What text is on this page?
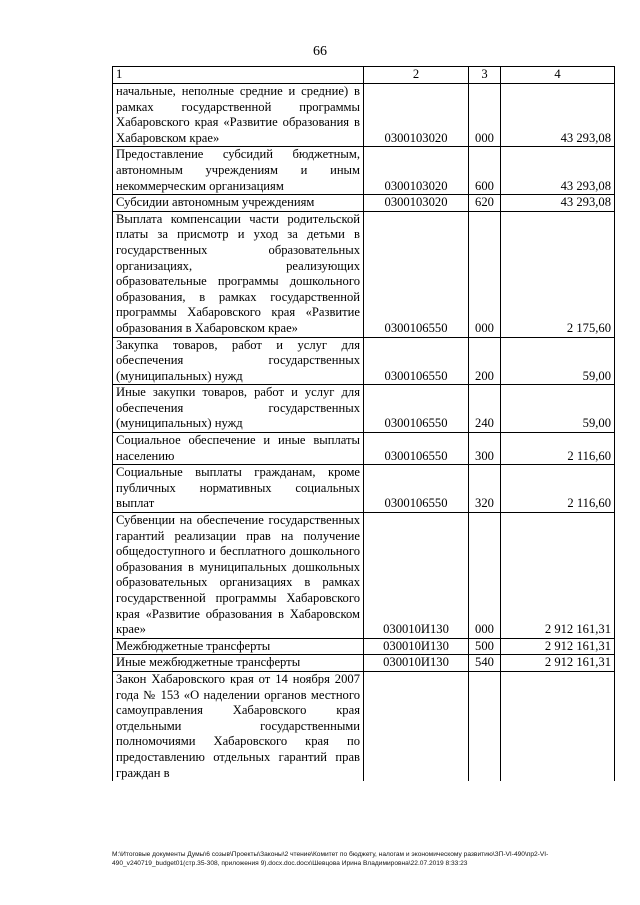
66
1	2	3	4
начальные, неполные средние и средние) в рамках государственной программы Хабаровского края «Развитие образования в Хабаровском крае»	0300103020	000	43 293,08
Предоставление субсидий бюджетным, автономным учреждениям и иным некоммерческим организациям	0300103020	600	43 293,08
Субсидии автономным учреждениям	0300103020	620	43 293,08
Выплата компенсации части родительской платы за присмотр и уход за детьми в государственных образовательных организациях, реализующих образовательные программы дошкольного образования, в рамках государственной программы Хабаровского края «Развитие образования в Хабаровском крае»	0300106550	000	2 175,60
Закупка товаров, работ и услуг для обеспечения государственных (муниципальных) нужд	0300106550	200	59,00
Иные закупки товаров, работ и услуг для обеспечения государственных (муниципальных) нужд	0300106550	240	59,00
Социальное обеспечение и иные выплаты населению	0300106550	300	2 116,60
Социальные выплаты гражданам, кроме публичных нормативных социальных выплат	0300106550	320	2 116,60
Субвенции на обеспечение государственных гарантий реализации прав на получение общедоступного и бесплатного дошкольного образования в муниципальных дошкольных образовательных организациях в рамках государственной программы Хабаровского края «Развитие образования в Хабаровском крае»	030010И130	000	2 912 161,31
Межбюджетные трансферты	030010И130	500	2 912 161,31
Иные межбюджетные трансферты	030010И130	540	2 912 161,31
Закон Хабаровского края от 14 ноября 2007 года № 153 «О наделении органов местного самоуправления Хабаровского края отдельными государственными полномочиями Хабаровского края по предоставлению отдельных гарантий прав граждан в			
М:\Итоговые документы Думы\6 созыв\Проекты\Законы\2 чтение\Комитет по бюджету, налогам и экономическому развитию\ЗП-VI-490\пр2-VI-490_v240719_budget01(стр.35-308, приложения 9).docx.doc.docx\Шевцова Ирина Владимировна\22.07.2019 8:33:23
